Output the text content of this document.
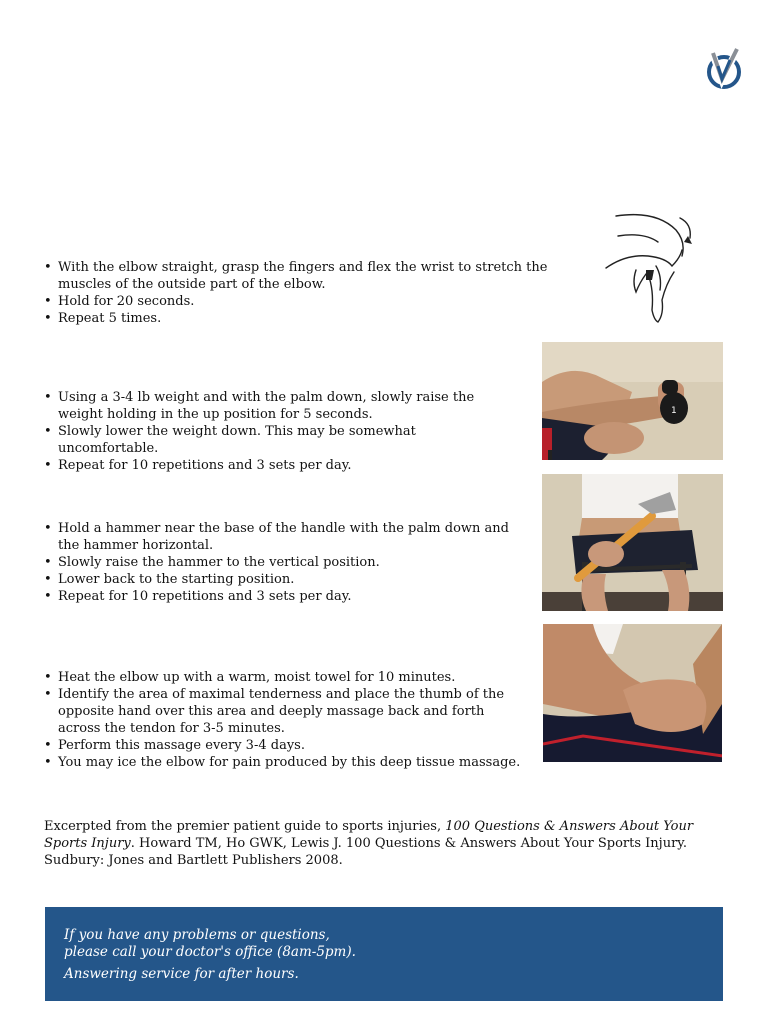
• With the elbow straight, grasp the fingers and flex the wrist to stretch the muscles of the outside part of the elbow.
• Hold for 20 seconds.
• Repeat 5 times.
• Using a 3-4 lb weight and with the palm down, slowly raise the weight holding in the up position for 5 seconds.
• Slowly lower the weight down. This may be somewhat uncomfortable.
• Repeat for 10 repetitions and 3 sets per day.
1
• Hold a hammer near the base of the handle with the palm down and the hammer horizontal.
• Slowly raise the hammer to the vertical position.
• Lower back to the starting position.
• Repeat for 10 repetitions and 3 sets per day.
• Heat the elbow up with a warm, moist towel for 10 minutes.
• Identify the area of maximal tenderness and place the thumb of the opposite hand over this area and deeply massage back and forth across the tendon for 3-5 minutes.
• Perform this massage every 3-4 days.
• You may ice the elbow for pain produced by this deep tissue massage.
Excerpted from the premier patient guide to sports injuries, 100 Questions & Answers About Your Sports Injury. Howard TM, Ho GWK, Lewis J. 100 Questions & Answers About Your Sports Injury. Sudbury: Jones and Bartlett Publishers 2008.
If you have any problems or questions,
please call your doctor's office (8am-5pm).
Answering service for after hours.
